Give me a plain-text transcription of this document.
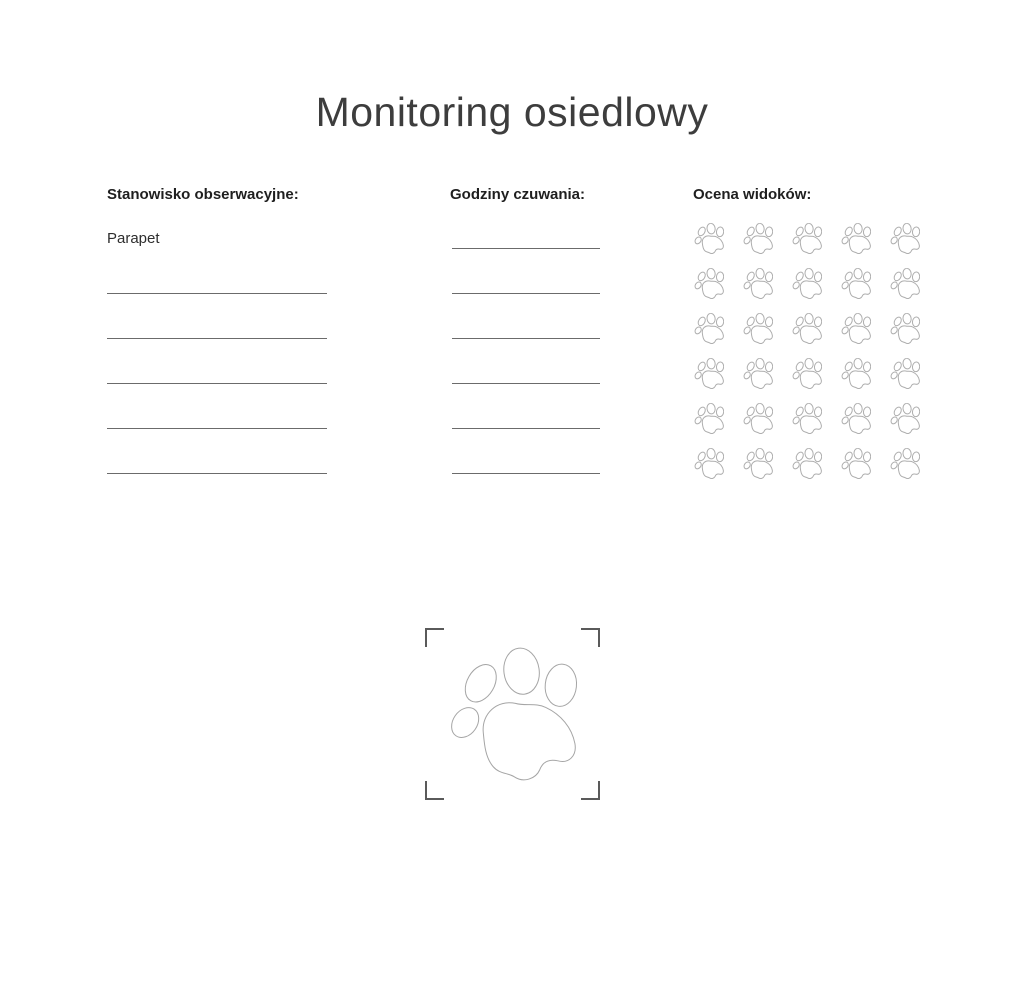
Monitoring osiedlowy
Stanowisko obserwacyjne:
Parapet
Godziny czuwania:	Ocena widoków:
